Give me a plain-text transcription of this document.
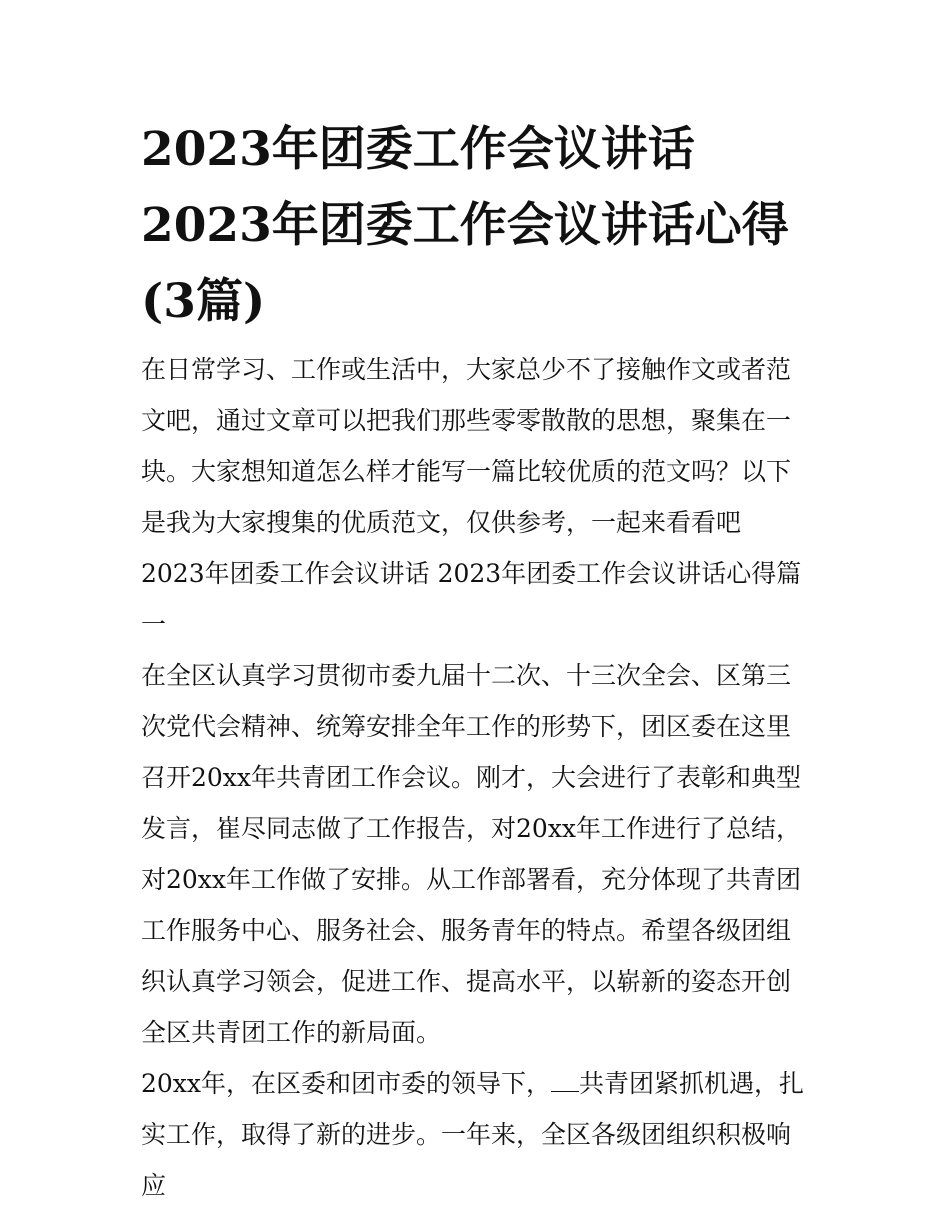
2023年团委工作会议讲话
2023年团委工作会议讲话心得
(3篇)

在日常学习、工作或生活中，大家总少不了接触作文或者范文吧，通过文章可以把我们那些零零散散的思想，聚集在一块。大家想知道怎么样才能写一篇比较优质的范文吗？以下是我为大家搜集的优质范文，仅供参考，一起来看看吧

2023年团委工作会议讲话 2023年团委工作会议讲话心得篇一

在全区认真学习贯彻市委九届十二次、十三次全会、区第三次党代会精神、统筹安排全年工作的形势下，团区委在这里召开20xx年共青团工作会议。刚才，大会进行了表彰和典型发言，崔尽同志做了工作报告，对20xx年工作进行了总结，对20xx年工作做了安排。从工作部署看，充分体现了共青团工作服务中心、服务社会、服务青年的特点。希望各级团组织认真学习领会，促进工作、提高水平，以崭新的姿态开创全区共青团工作的新局面。

20xx年，在区委和团市委的领导下， 共青团紧抓机遇，扎实工作，取得了新的进步。一年来，全区各级团组织积极响应
